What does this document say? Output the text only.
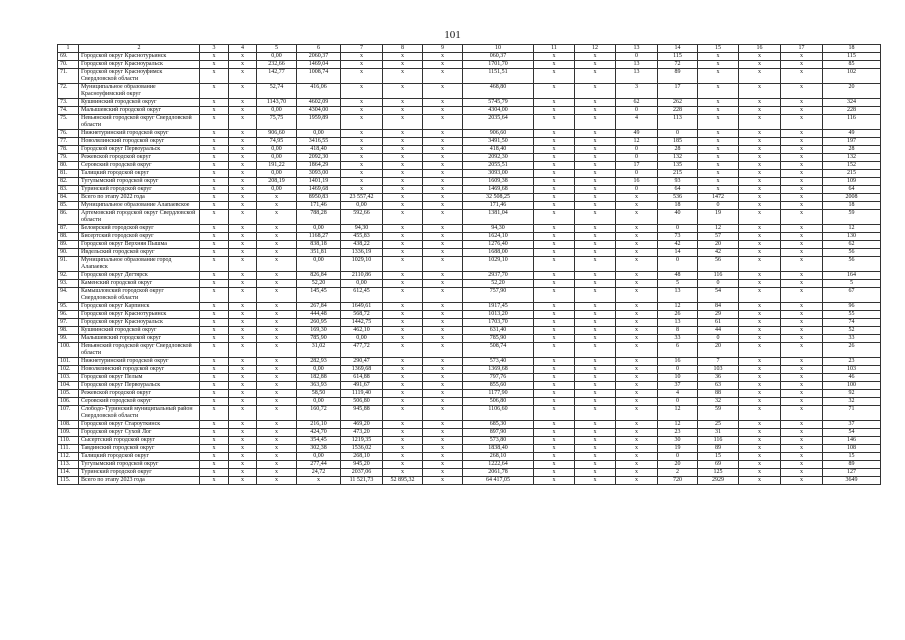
101
1	2	3	4	5	6	7	8	9	10	11	12	13	14	15	16	17	18
69.	Городской округ Краснотурьинск	х	х	0,00	2060,37	х	х	х	060,37	х	х	0	115	х	х	х	115
70.	Городской округ Красноуральск	х	х	232,66	1469,04	х	х	х	1701,70	х	х	13	72	х	х	х	85
71.	Городской округ Красноуфимск Свердловской области	х	х	142,77	1008,74	х	х	х	1151,51	х	х	13	89	х	х	х	102
72.	Муниципальное образование Красноуфимский округ	х	х	52,74	416,06	х	х	х	468,80	х	х	3	17	х	х	х	20
73.	Кушвинский городской округ	х	х	1143,70	4602,09	х	х	х	5745,79	х	х	62	262	х	х	х	324
74.	Малышевский городской округ	х	х	0,00	4304,00	х	х	х	4304,00	х	х	0	228	х	х	х	228
75.	Невьянский городской округ Свердловской области	х	х	75,75	1959,89	х	х	х	2035,64	х	х	4	113	х	х	х	116
76.	Нижнетуринский городской округ	х	х	906,60	0,00	х	х	х	906,60	х	х	49	0	х	х	х	49
77.	Новолялинский городской округ	х	х	74,95	3416,55	х	х	х	3491,50	х	х	12	185	х	х	х	197
78.	Городской округ Первоуральск	х	х	0,00	418,40	х	х	х	418,40	х	х	0	28	х	х	х	28
79.	Режевской городской округ	х	х	0,00	2092,30	х	х	х	2092,30	х	х	0	132	х	х	х	132
80.	Серовский городской округ	х	х	191,22	1864,29	х	х	х	2055,51	х	х	17	135	х	х	х	152
81.	Талицкий городской округ	х	х	0,00	3093,00	х	х	х	3093,00	х	х	0	215	х	х	х	215
82.	Тугулымский городской округ	х	х	208,19	1401,19	х	х	х	1609,38	х	х	16	93	х	х	х	109
83.	Туринский городской округ	х	х	0,00	1469,68	х	х	х	1469,68	х	х	0	64	х	х	х	64
84.	Всего по этапу 2022 года	х	х	х	8950,83	23 557,42	х	х	32 508,25	х	х	х	536	1472	х	х	2008
85.	Муниципальное образование Алапаевское	х	х	х	171,46	0,00	х	х	171,46	х	х	х	18	0	х	х	18
86.	Артемовский городской округ Свердловской области	х	х	х	788,28	592,66	х	х	1381,04	х	х	х	40	19	х	х	59
87.	Белоярский городской округ	х	х	х	0,00	94,30	х	х	94,30	х	х	х	0	12	х	х	12
88.	Бисертский городской округ	х	х	х	1168,27	455,83	х	х	1624,10	х	х	х	73	57	х	х	130
89.	Городской округ Верхняя Пышма	х	х	х	838,18	438,22	х	х	1276,40	х	х	х	42	20	х	х	62
90.	Ивдельский городской округ	х	х	х	351,81	1336,19	х	х	1688,00	х	х	х	14	42	х	х	56
91.	Муниципальное образование город Алапаевск	х	х	х	0,00	1029,10	х	х	1029,10	х	х	х	0	56	х	х	56
92.	Городской округ Дегтярск	х	х	х	826,84	2110,86	х	х	2937,70	х	х	х	48	116	х	х	164
93.	Каменский городской округ	х	х	х	52,20	0,00	х	х	52,20	х	х	х	5	0	х	х	5
94.	Камышловский городской округ Свердловской области	х	х	х	145,45	612,45	х	х	757,90	х	х	х	13	54	х	х	67
95.	Городской округ Карпинск	х	х	х	267,84	1649,61	х	х	1917,45	х	х	х	12	84	х	х	96
96.	Городской округ Краснотурьинск	х	х	х	444,48	568,72	х	х	1013,20	х	х	х	26	29	х	х	55
97.	Городской округ Красноуральск	х	х	х	260,95	1442,75	х	х	1703,70	х	х	х	13	61	х	х	74
98.	Кушвинский городской округ	х	х	х	169,30	462,10	х	х	631,40	х	х	х	8	44	х	х	52
99.	Малышевский городской округ	х	х	х	785,90	0,00	х	х	785,90	х	х	х	33	0	х	х	33
100.	Невьянский городской округ Свердловской области	х	х	х	31,02	477,72	х	х	508,74	х	х	х	6	20	х	х	26
101.	Нижнетуринский городской округ	х	х	х	282,93	290,47	х	х	573,40	х	х	х	16	7	х	х	23
102.	Новолялинский городской округ	х	х	х	0,00	1369,68	х	х	1369,68	х	х	х	0	103	х	х	103
103.	Городской округ Пелым	х	х	х	182,88	614,88	х	х	797,76	х	х	х	10	36	х	х	46
104.	Городской округ Первоуральск	х	х	х	363,93	491,67	х	х	855,60	х	х	х	37	63	х	х	100
105.	Режевской городской округ	х	х	х	58,50	1119,40	х	х	1177,90	х	х	х	4	88	х	х	92
106.	Серовский городской округ	х	х	х	0,00	506,80	х	х	506,80	х	х	х	0	32	х	х	32
107.	Слободо-Туринский муниципальный район Свердловской области	х	х	х	160,72	945,88	х	х	1106,60	х	х	х	12	59	х	х	71
108.	Городской округ Староуткинск	х	х	х	216,10	469,20	х	х	685,30	х	х	х	12	25	х	х	37
109.	Городской округ Сухой Лог	х	х	х	424,70	473,20	х	х	897,90	х	х	х	23	31	х	х	54
110.	Сысертский городской округ	х	х	х	354,45	1219,35	х	х	573,80	х	х	х	30	116	х	х	146
111.	Тавдинский городской округ	х	х	х	302,38	1536,02	х	х	1838,40	х	х	х	19	89	х	х	108
112.	Талицкий городской округ	х	х	х	0,00	268,10	х	х	268,10	х	х	х	0	15	х	х	15
113.	Тугулымский городской округ	х	х	х	277,44	945,20	х	х	1222,64	х	х	х	20	69	х	х	89
114.	Туринский городской округ	х	х	х	24,72	2037,06	х	х	2061,78	х	х	х	2	125	х	х	127
115.	Всего по этапу 2023 года	х	х	х	х	11 521,73	52 895,32	х	64 417,05	х	х	х	720	2929	х	х	3649
